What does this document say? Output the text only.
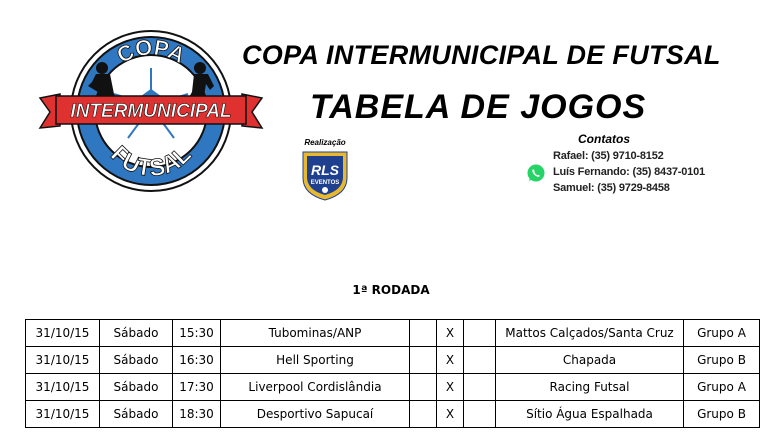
INTERMUNICIPAL
COPA
FUTSAL
COPA INTERMUNICIPAL DE FUTSAL
TABELA DE JOGOS
Realização
RLS
EVENTOS
Contatos
Rafael: (35) 9710-8152
Luís Fernando: (35) 8437-0101
Samuel: (35) 9729-8458
1ª RODADA
31/10/15	Sábado	15:30	Tubominas/ANP		X		Mattos Calçados/Santa Cruz	Grupo A
31/10/15	Sábado	16:30	Hell Sporting		X		Chapada	Grupo B
31/10/15	Sábado	17:30	Liverpool Cordislândia		X		Racing Futsal	Grupo A
31/10/15	Sábado	18:30	Desportivo Sapucaí		X		Sítio Água Espalhada	Grupo B
